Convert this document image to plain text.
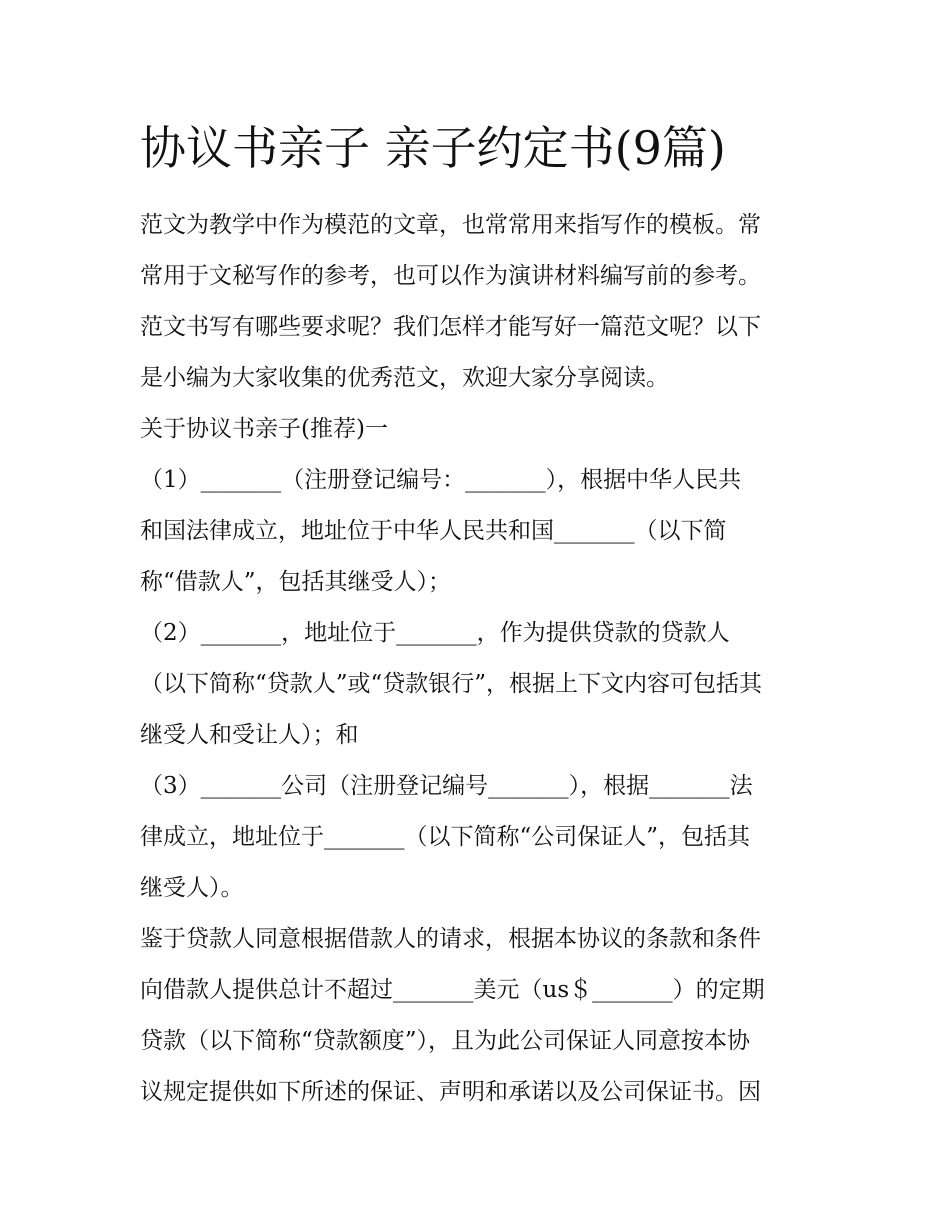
协议书亲子 亲子约定书(9篇)

范文为教学中作为模范的文章，也常常用来指写作的模板。常

常用于文秘写作的参考，也可以作为演讲材料编写前的参考。

范文书写有哪些要求呢？我们怎样才能写好一篇范文呢？以下

是小编为大家收集的优秀范文，欢迎大家分享阅读。

关于协议书亲子(推荐)一

（1）_______（注册登记编号：_______），根据中华人民共

和国法律成立，地址位于中华人民共和国_______（以下简

称“借款人”，包括其继受人）；

（2）_______，地址位于_______，作为提供贷款的贷款人

（以下简称“贷款人”或“贷款银行”，根据上下文内容可包括其

继受人和受让人）；和

（3）_______公司（注册登记编号_______），根据_______法

律成立，地址位于_______（以下简称“公司保证人”，包括其

继受人）。

鉴于贷款人同意根据借款人的请求，根据本协议的条款和条件

向借款人提供总计不超过_______美元（us＄_______）的定期

贷款（以下简称“贷款额度”），且为此公司保证人同意按本协

议规定提供如下所述的保证、声明和承诺以及公司保证书。因
